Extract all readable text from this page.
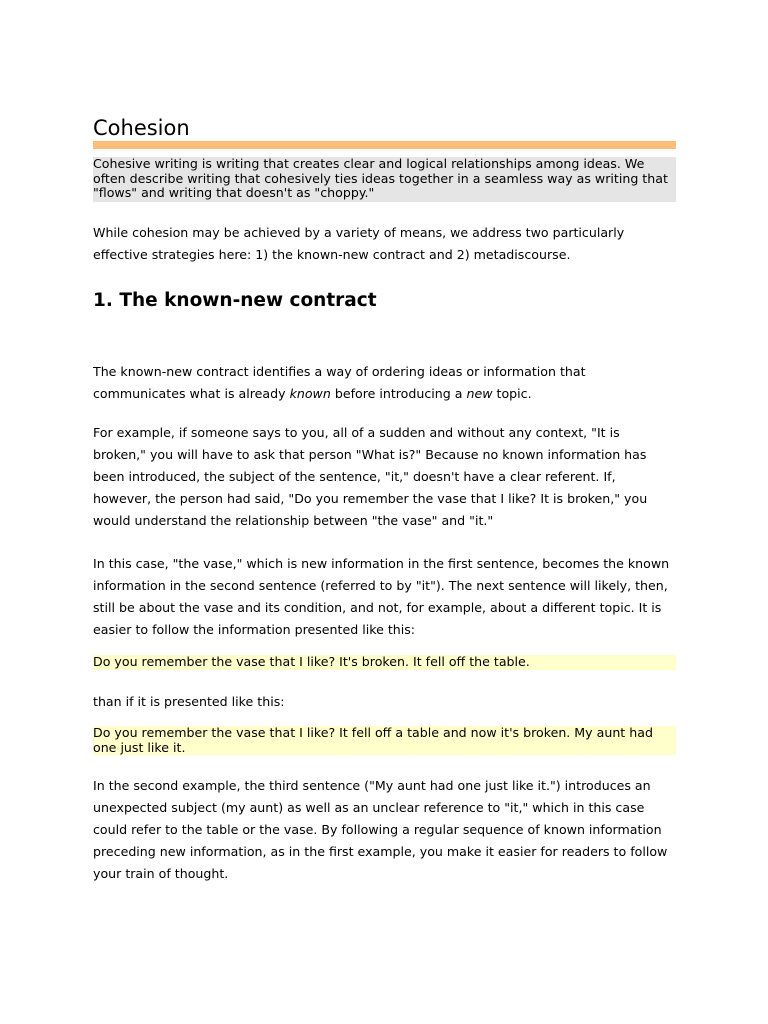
Cohesion

Cohesive writing is writing that creates clear and logical relationships among ideas. We often describe writing that cohesively ties ideas together in a seamless way as writing that "flows" and writing that doesn't as "choppy."

While cohesion may be achieved by a variety of means, we address two particularly effective strategies here: 1) the known-new contract and 2) metadiscourse.

1. The known-new contract

The known-new contract identifies a way of ordering ideas or information that communicates what is already known before introducing a new topic.

For example, if someone says to you, all of a sudden and without any context, "It is broken," you will have to ask that person "What is?" Because no known information has been introduced, the subject of the sentence, "it," doesn't have a clear referent. If, however, the person had said, "Do you remember the vase that I like? It is broken," you would understand the relationship between "the vase" and "it."

In this case, "the vase," which is new information in the first sentence, becomes the known information in the second sentence (referred to by "it"). The next sentence will likely, then, still be about the vase and its condition, and not, for example, about a different topic. It is easier to follow the information presented like this:

Do you remember the vase that I like? It's broken. It fell off the table.

than if it is presented like this:

Do you remember the vase that I like? It fell off a table and now it's broken. My aunt had one just like it.

In the second example, the third sentence ("My aunt had one just like it.") introduces an unexpected subject (my aunt) as well as an unclear reference to "it," which in this case could refer to the table or the vase. By following a regular sequence of known information preceding new information, as in the first example, you make it easier for readers to follow your train of thought.
